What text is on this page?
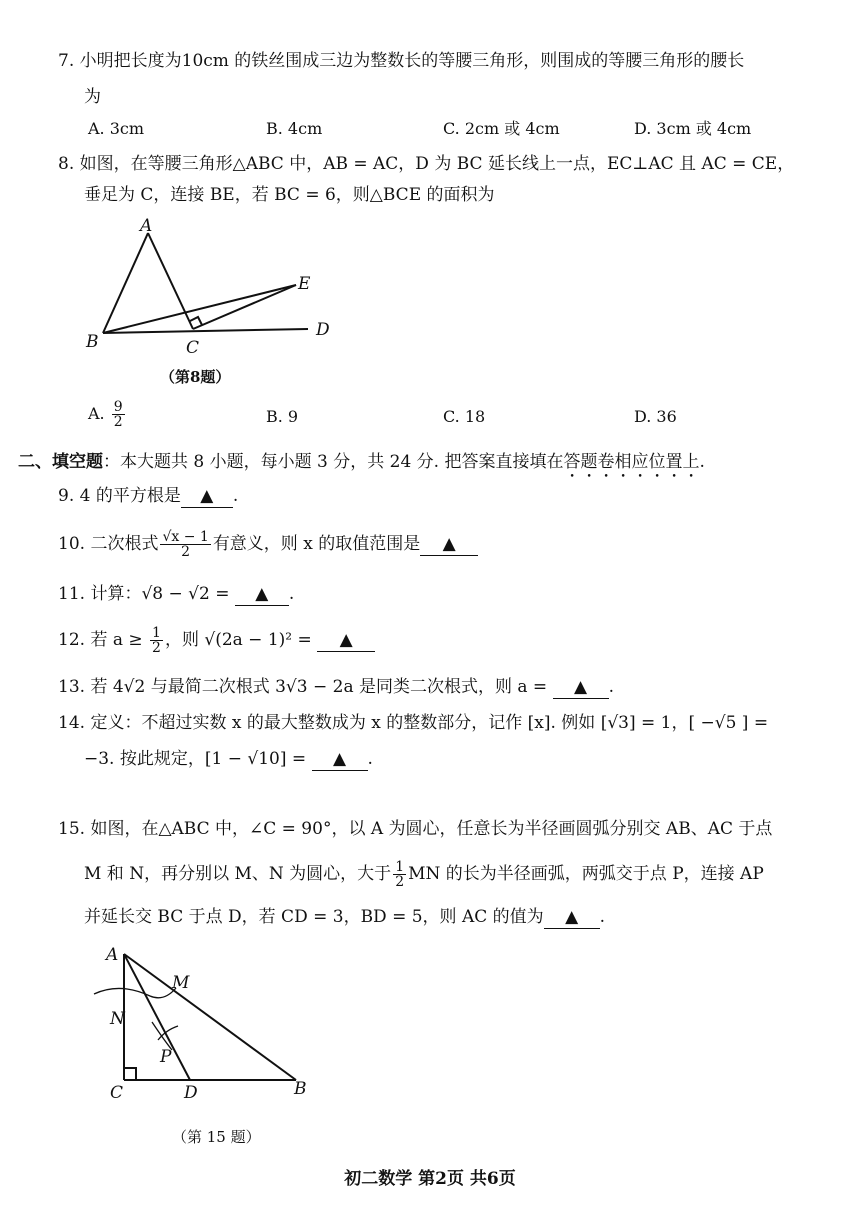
7. 小明把长度为10cm 的铁丝围成三边为整数长的等腰三角形，则围成的等腰三角形的腰长
为
A. 3cm	B. 4cm	C. 2cm 或 4cm	D. 3cm 或 4cm
8. 如图，在等腰三角形△ABC 中，AB = AC，D 为 BC 延长线上一点，EC⊥AC 且 AC = CE，
垂足为 C，连接 BE，若 BC = 6，则△BCE 的面积为
A
B	C
D
E
（第8题）
A. $\frac{9}{2}$	B. 9	C. 18	D. 36
二、填空题：本大题共 8 小题，每小题 3 分，共 24 分. 把答案直接填在答题卷相应位置上.
9. 4 的平方根是 ▲ .
10. 二次根式 $\frac{√x - 1}{2}$ 有意义，则 x 的取值范围是 ▲
11. 计算：√8 − √2 = ▲ .
12. 若 $a \ge \frac{1}{2}$ ，则 √(2a − 1)² = ▲
13. 若 4√2 与最简二次根式 3√3 − 2a 是同类二次根式，则 a = ▲ .
14. 定义：不超过实数 x 的最大整数成为 x 的整数部分，记作 [x]. 例如 [√3] = 1，[ −√5 ] =
−3. 按此规定，[1 − √10] = ▲ .
15. 如图，在△ABC 中，∠C = 90°，以 A 为圆心，任意长为半径画圆弧分别交 AB、AC 于点
M 和 N，再分别以 M、N 为圆心，大于 $\frac{1}{2}$ MN 的长为半径画弧，两弧交于点 P，连接 AP
并延长交 BC 于点 D，若 CD = 3，BD = 5，则 AC 的值为 ▲ .
A
M
N
P
C	D	B
（第 15 题）
初二数学 第2页 共6页
